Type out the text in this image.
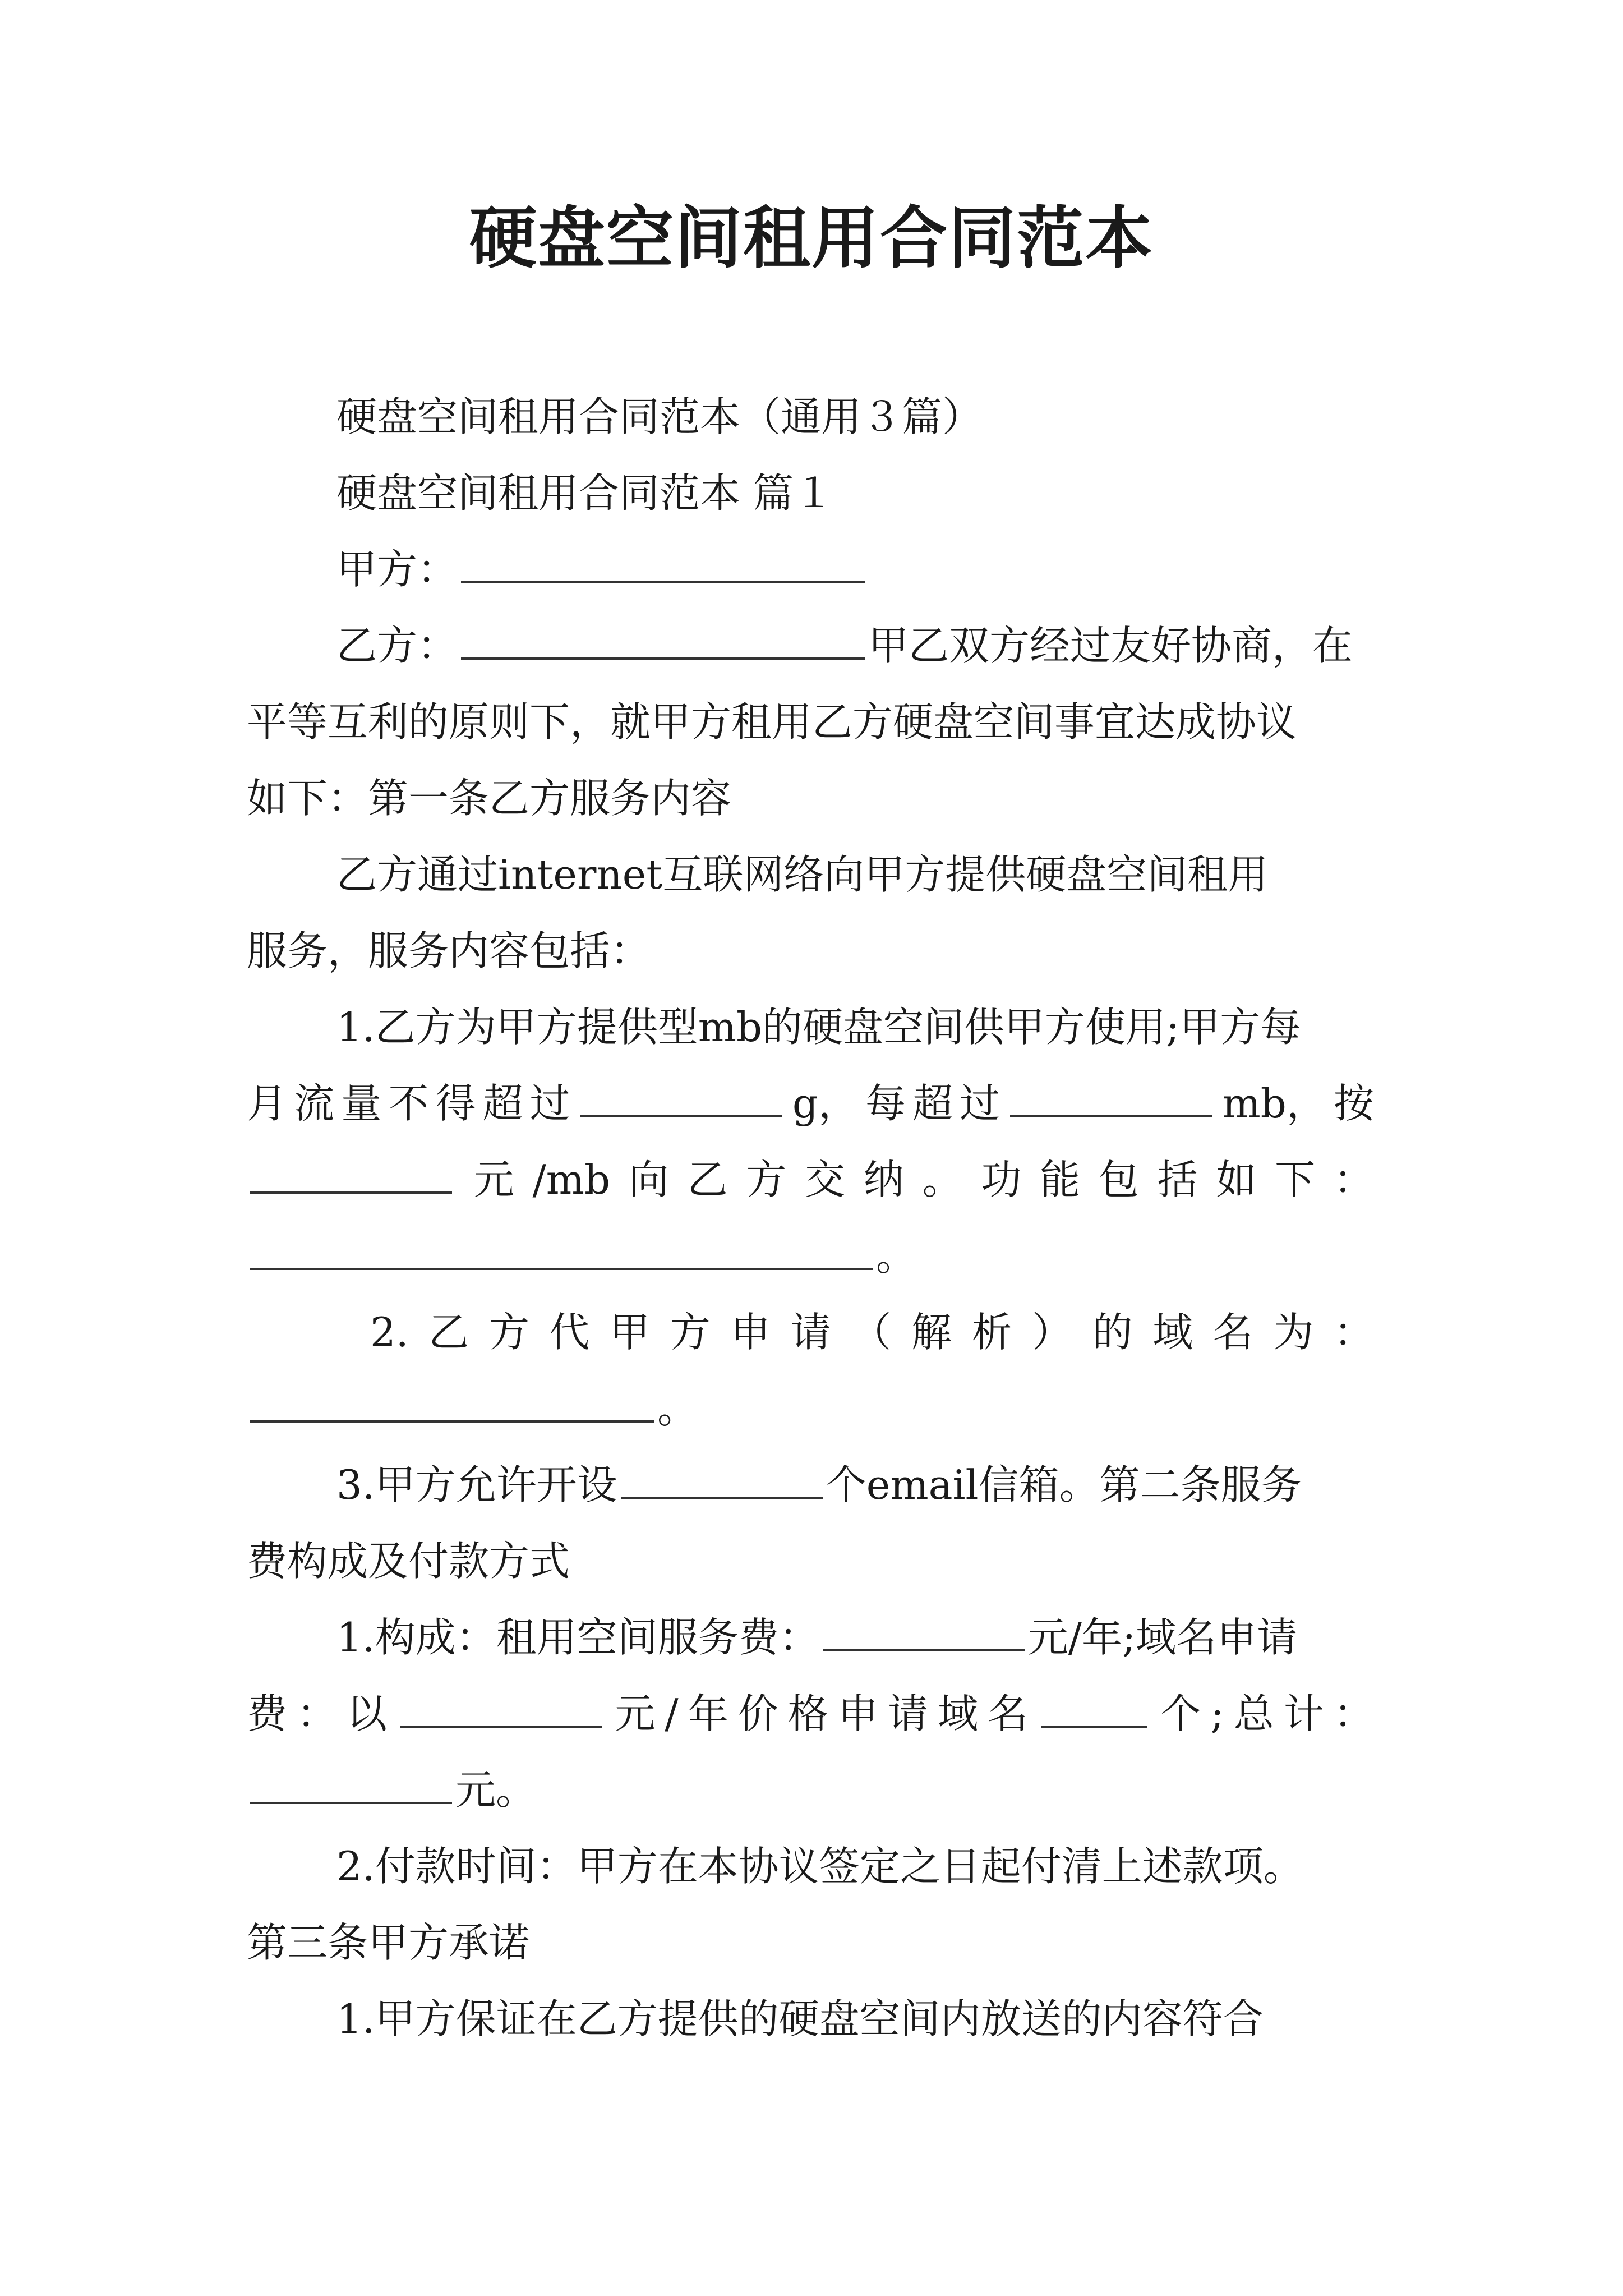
硬盘空间租用合同范本
硬盘空间租用合同范本（通用３篇）
硬盘空间租用合同范本 篇１
甲方：
乙方：	甲乙双方经过友好协商，在
平等互利的原则下，就甲方租用乙方硬盘空间事宜达成协议
如下：第一条乙方服务内容
乙方通过internet互联网络向甲方提供硬盘空间租用
服务，服务内容包括：
1.乙方为甲方提供型mb的硬盘空间供甲方使用;甲方每
月 流 量 不 得 超 过	g， 每 超 过	mb， 按
元 /mb 向 乙 方 交 纳 。 功 能 包 括 如 下 ：
。
2. 乙 方 代 甲 方 申 请 （ 解 析 ） 的 域 名 为 ：
。
3.甲方允许开设	个email信箱。第二条服务
费构成及付款方式
1.构成：租用空间服务费：	元/年;域名申请
费 ： 以	元 / 年 价 格 申 请 域 名	个 ; 总 计 ：
元。
2.付款时间：甲方在本协议签定之日起付清上述款项。
第三条甲方承诺
1.甲方保证在乙方提供的硬盘空间内放送的内容符合
